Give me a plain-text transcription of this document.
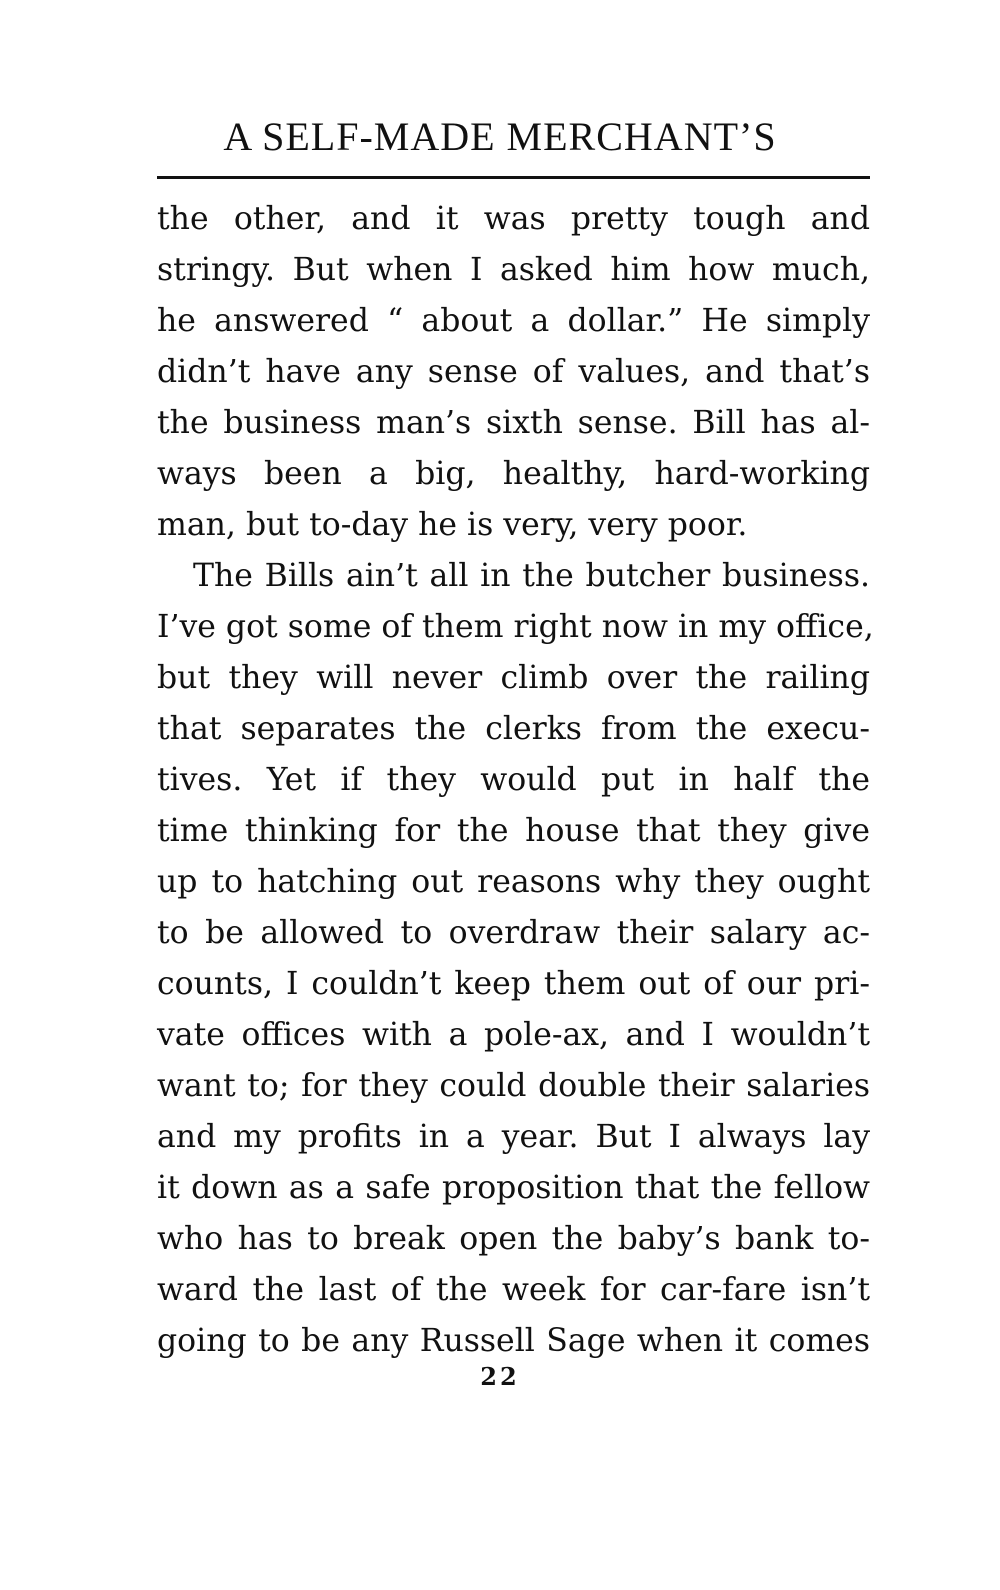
A SELF-MADE MERCHANT’S
the other, and it was pretty tough and
stringy. But when I asked him how much,
he answered “ about a dollar.” He simply
didn’t have any sense of values, and that’s
the business man’s sixth sense. Bill has al-
ways been a big, healthy, hard-working
man, but to-day he is very, very poor.
The Bills ain’t all in the butcher business.
I’ve got some of them right now in my office,
but they will never climb over the railing
that separates the clerks from the execu-
tives. Yet if they would put in half the
time thinking for the house that they give
up to hatching out reasons why they ought
to be allowed to overdraw their salary ac-
counts, I couldn’t keep them out of our pri-
vate offices with a pole-ax, and I wouldn’t
want to; for they could double their salaries
and my profits in a year. But I always lay
it down as a safe proposition that the fellow
who has to break open the baby’s bank to-
ward the last of the week for car-fare isn’t
going to be any Russell Sage when it comes
22
